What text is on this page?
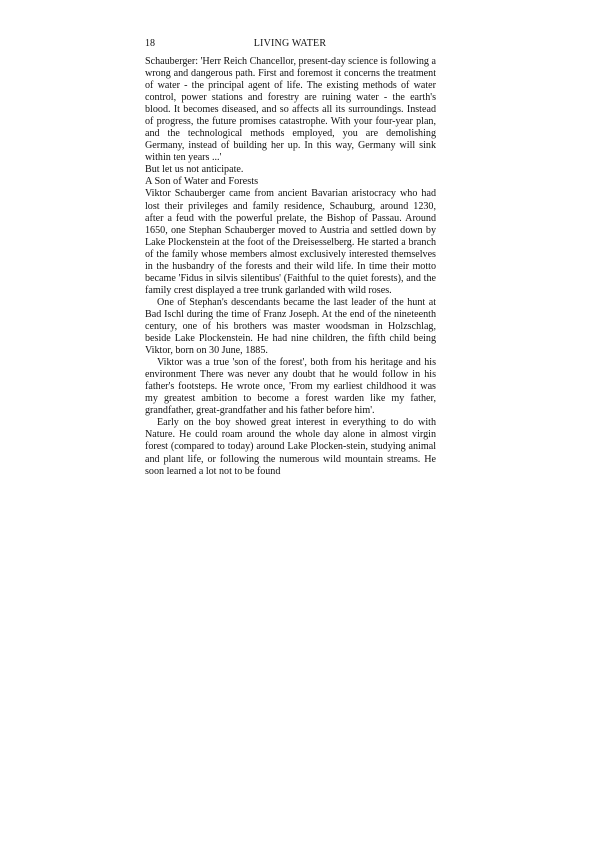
18	LIVING WATER

Schauberger: 'Herr Reich Chancellor, present-day science is following a wrong and dangerous path. First and foremost it concerns the treatment of water - the principal agent of life. The existing methods of water control, power stations and forestry are ruining water - the earth's blood. It becomes diseased, and so affects all its surroundings. Instead of progress, the future promises catastrophe. With your four-year plan, and the technological methods employed, you are demolishing Germany, instead of building her up. In this way, Germany will sink within ten years ...'

But let us not anticipate.

A Son of Water and Forests

Viktor Schauberger came from ancient Bavarian aristocracy who had lost their privileges and family residence, Schauburg, around 1230, after a feud with the powerful prelate, the Bishop of Passau. Around 1650, one Stephan Schauberger moved to Austria and settled down by Lake Plockenstein at the foot of the Dreisesselberg. He started a branch of the family whose members almost exclusively interested themselves in the husbandry of the forests and their wild life. In time their motto became 'Fidus in silvis silentibus' (Faithful to the quiet forests), and the family crest displayed a tree trunk garlanded with wild roses.

One of Stephan's descendants became the last leader of the hunt at Bad Ischl during the time of Franz Joseph. At the end of the nineteenth century, one of his brothers was master woodsman in Holzschlag, beside Lake Plockenstein. He had nine children, the fifth child being Viktor, born on 30 June, 1885.

Viktor was a true 'son of the forest', both from his heritage and his environment There was never any doubt that he would follow in his father's footsteps. He wrote once, 'From my earliest childhood it was my greatest ambition to become a forest warden like my father, grandfather, great-grandfather and his father before him'.

Early on the boy showed great interest in everything to do with Nature. He could roam around the whole day alone in almost virgin forest (compared to today) around Lake Plocken-stein, studying animal and plant life, or following the numerous wild mountain streams. He soon learned a lot not to be found
